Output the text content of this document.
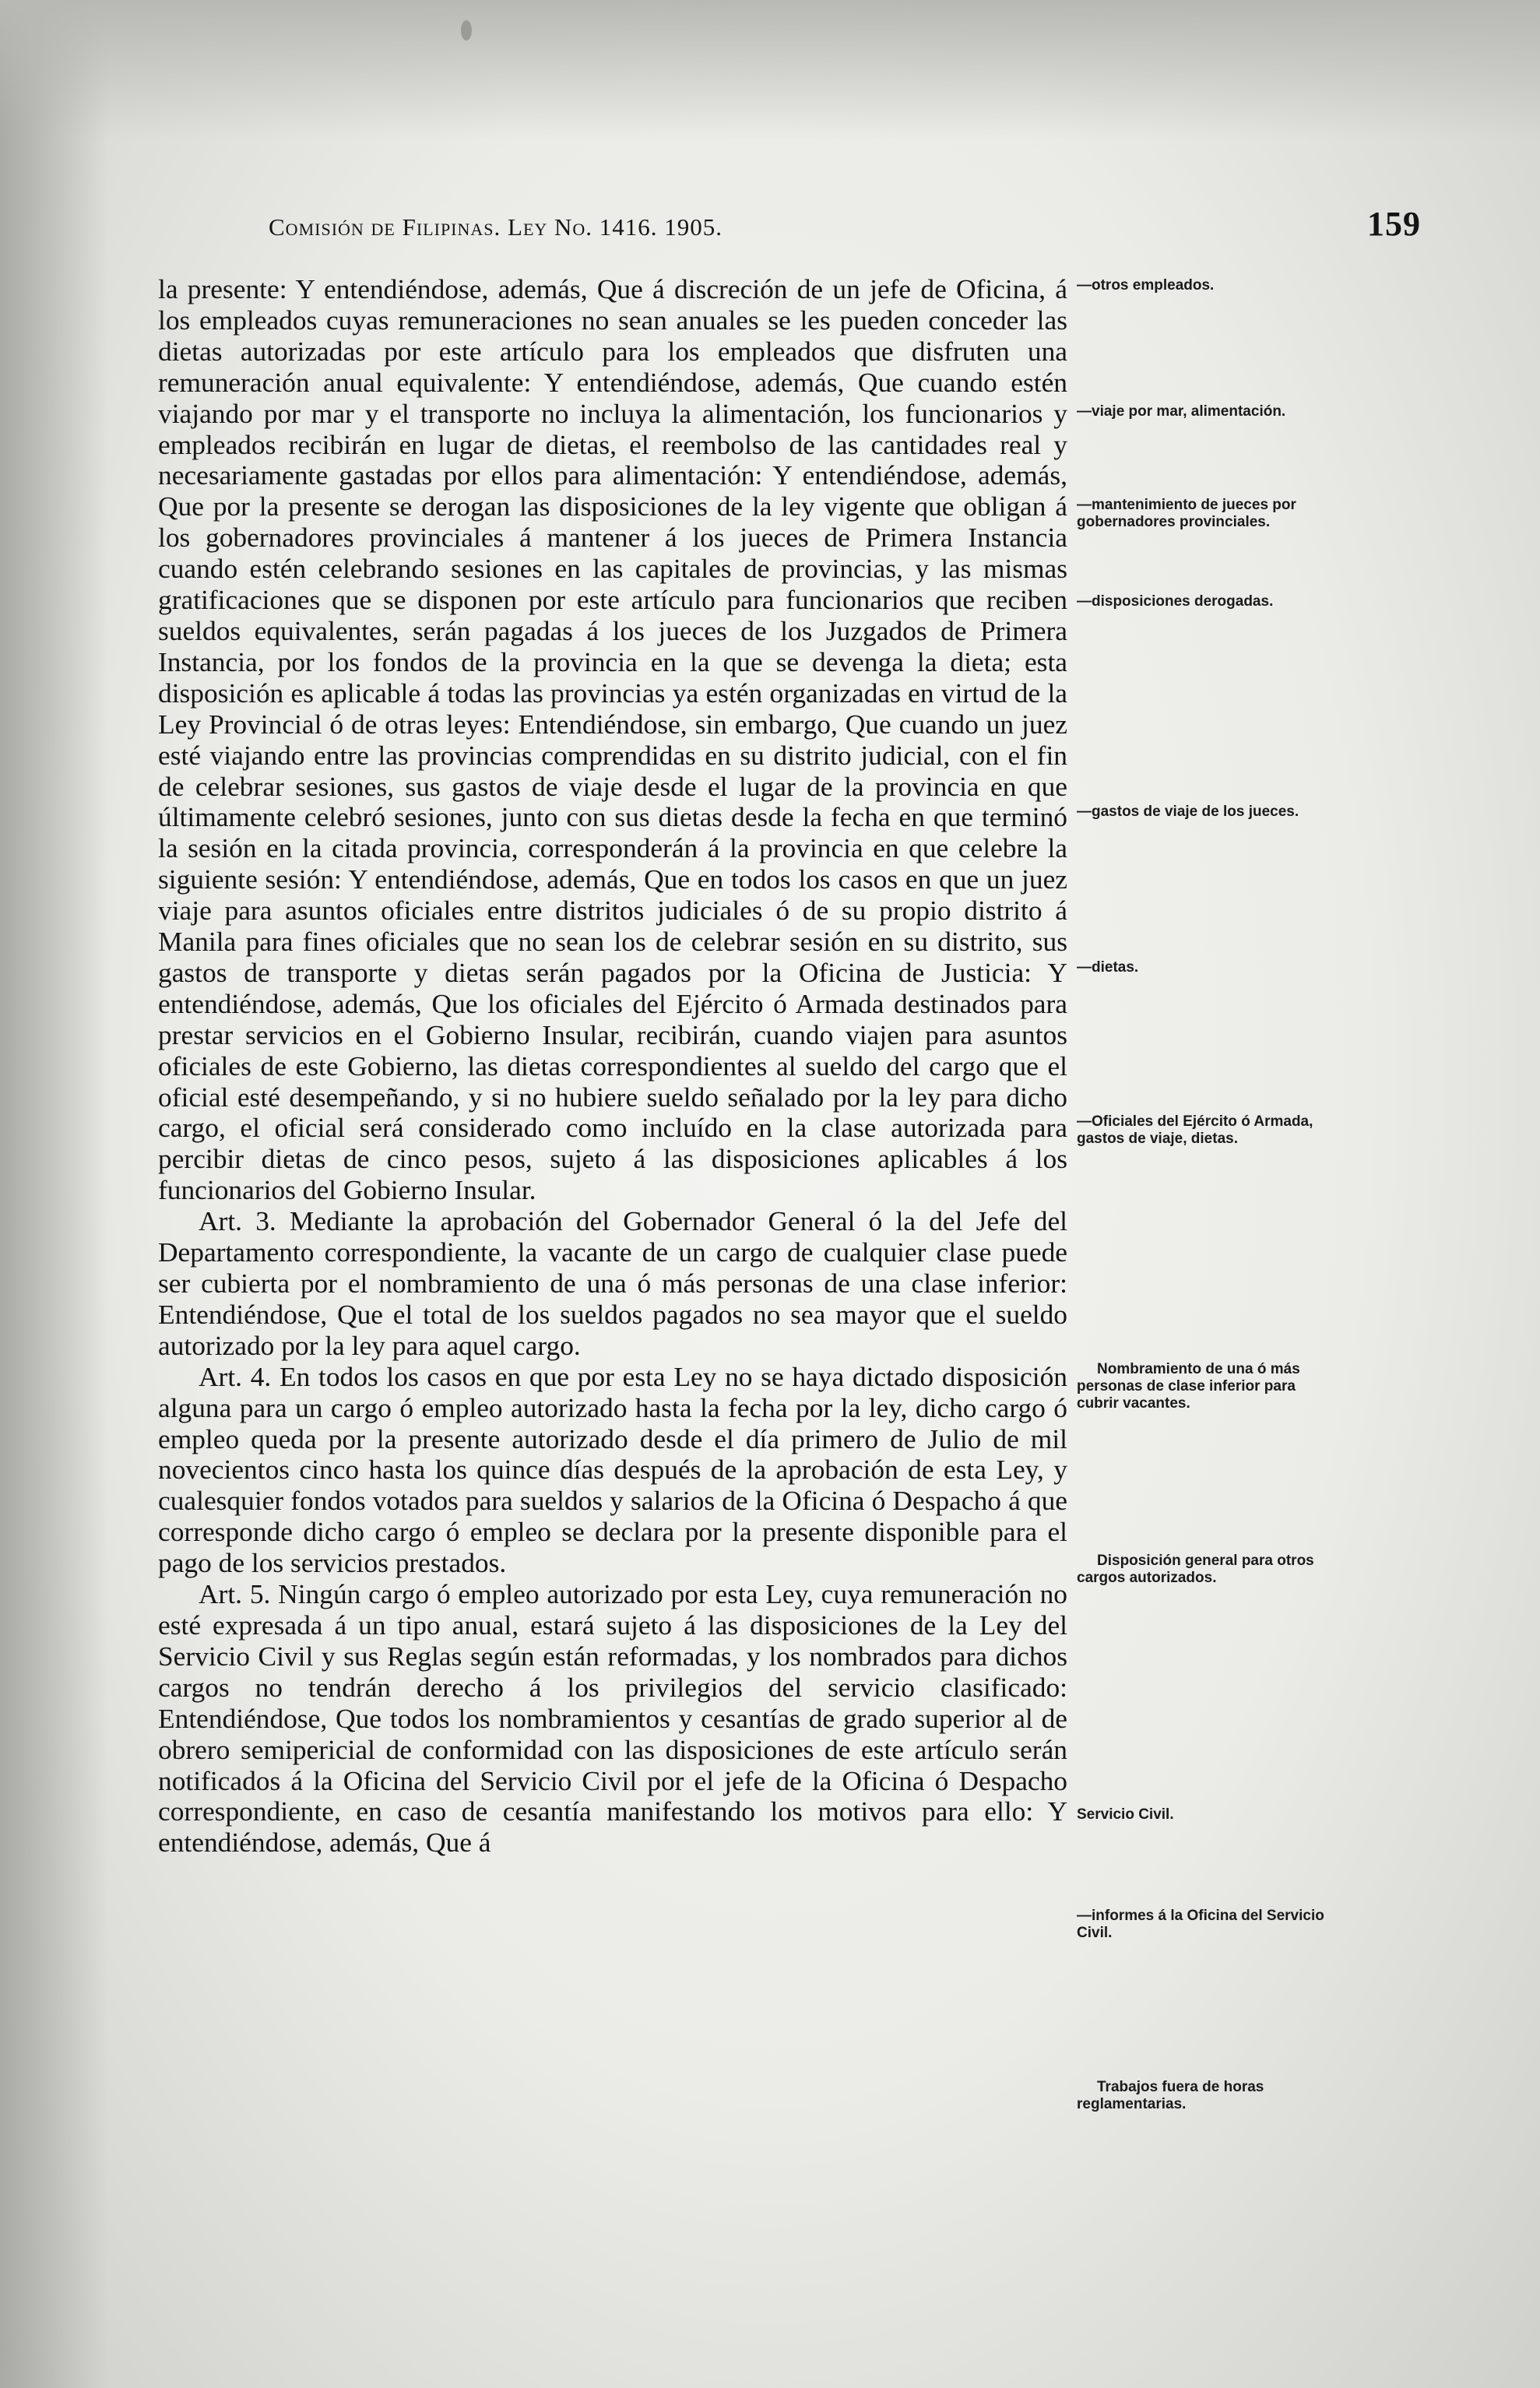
Comisión de Filipinas. Ley No. 1416. 1905.	159

la presente: Y entendiéndose, además, Que á discreción de un jefe de Oficina, á los empleados cuyas remuneraciones no sean anuales se les pueden conceder las dietas autorizadas por este artículo para los empleados que disfruten una remuneración anual equivalente: Y entendiéndose, además, Que cuando estén viajando por mar y el transporte no incluya la alimentación, los funcionarios y empleados recibirán en lugar de dietas, el reembolso de las cantidades real y necesariamente gastadas por ellos para alimentación: Y entendiéndose, además, Que por la presente se derogan las disposiciones de la ley vigente que obligan á los gobernadores provinciales á mantener á los jueces de Primera Instancia cuando estén celebrando sesiones en las capitales de provincias, y las mismas gratificaciones que se disponen por este artículo para funcionarios que reciben sueldos equivalentes, serán pagadas á los jueces de los Juzgados de Primera Instancia, por los fondos de la provincia en la que se devenga la dieta; esta disposición es aplicable á todas las provincias ya estén organizadas en virtud de la Ley Provincial ó de otras leyes: Entendiéndose, sin embargo, Que cuando un juez esté viajando entre las provincias comprendidas en su distrito judicial, con el fin de celebrar sesiones, sus gastos de viaje desde el lugar de la provincia en que últimamente celebró sesiones, junto con sus dietas desde la fecha en que terminó la sesión en la citada provincia, corresponderán á la provincia en que celebre la siguiente sesión: Y entendiéndose, además, Que en todos los casos en que un juez viaje para asuntos oficiales entre distritos judiciales ó de su propio distrito á Manila para fines oficiales que no sean los de celebrar sesión en su distrito, sus gastos de transporte y dietas serán pagados por la Oficina de Justicia: Y entendiéndose, además, Que los oficiales del Ejército ó Armada destinados para prestar servicios en el Gobierno Insular, recibirán, cuando viajen para asuntos oficiales de este Gobierno, las dietas correspondientes al sueldo del cargo que el oficial esté desempeñando, y si no hubiere sueldo señalado por la ley para dicho cargo, el oficial será considerado como incluído en la clase autorizada para percibir dietas de cinco pesos, sujeto á las disposiciones aplicables á los funcionarios del Gobierno Insular.

Art. 3. Mediante la aprobación del Gobernador General ó la del Jefe del Departamento correspondiente, la vacante de un cargo de cualquier clase puede ser cubierta por el nombramiento de una ó más personas de una clase inferior: Entendiéndose, Que el total de los sueldos pagados no sea mayor que el sueldo autorizado por la ley para aquel cargo.

Art. 4. En todos los casos en que por esta Ley no se haya dictado disposición alguna para un cargo ó empleo autorizado hasta la fecha por la ley, dicho cargo ó empleo queda por la presente autorizado desde el día primero de Julio de mil novecientos cinco hasta los quince días después de la aprobación de esta Ley, y cualesquier fondos votados para sueldos y salarios de la Oficina ó Despacho á que corresponde dicho cargo ó empleo se declara por la presente disponible para el pago de los servicios prestados.

Art. 5. Ningún cargo ó empleo autorizado por esta Ley, cuya remuneración no esté expresada á un tipo anual, estará sujeto á las disposiciones de la Ley del Servicio Civil y sus Reglas según están reformadas, y los nombrados para dichos cargos no tendrán derecho á los privilegios del servicio clasificado: Entendiéndose, Que todos los nombramientos y cesantías de grado superior al de obrero semipericial de conformidad con las disposiciones de este artículo serán notificados á la Oficina del Servicio Civil por el jefe de la Oficina ó Despacho correspondiente, en caso de cesantía manifestando los motivos para ello: Y entendiéndose, además, Que á

—otros empleados.
—viaje por mar, alimentación.
—mantenimiento de jueces por gobernadores provinciales.
—disposiciones derogadas.
—gastos de viaje de los jueces.
—dietas.
—Oficiales del Ejército ó Armada, gastos de viaje, dietas.
Nombramiento de una ó más personas de clase inferior para cubrir vacantes.
Disposición general para otros cargos autorizados.
Servicio Civil.
—informes á la Oficina del Servicio Civil.
Trabajos fuera de horas reglamentarias.
